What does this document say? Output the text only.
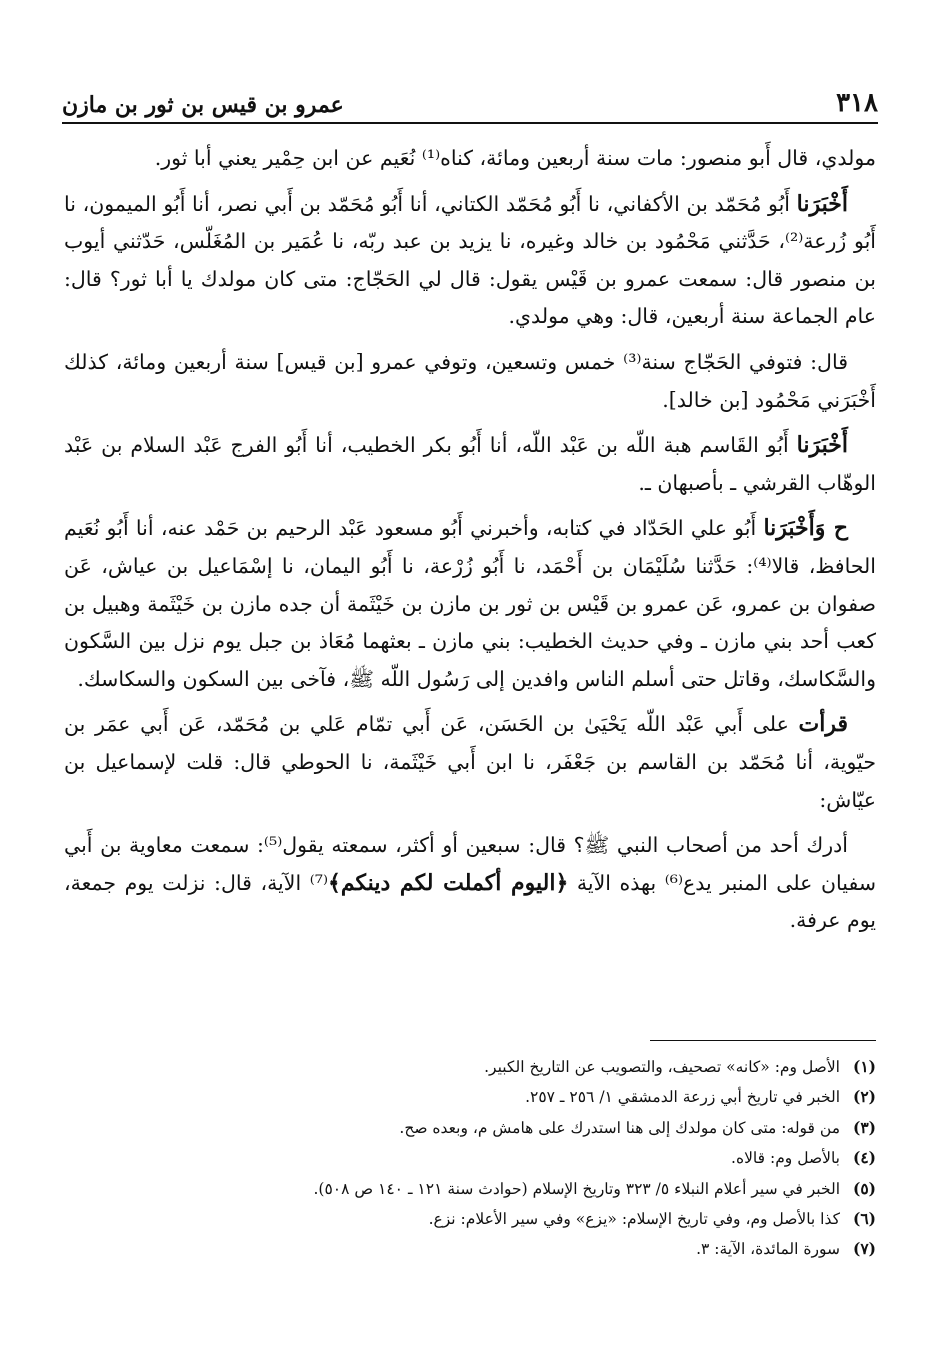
٣١٨
عمرو بن قيس بن ثور بن مازن

مولدي، قال أَبو منصور: مات سنة أربعين ومائة، كناه⁽¹⁾ نُعَيم عن ابن حِمْير يعني أبا ثور.

أَخْبَرَنا أَبُو مُحَمّد بن الأكفاني، نا أَبُو مُحَمّد الكتاني، أنا أَبُو مُحَمّد بن أَبي نصر، أنا أَبُو الميمون، نا أَبُو زُرعة⁽²⁾، حَدَّثني مَحْمُود بن خالد وغيره، نا يزيد بن عبد ربّه، نا عُمَير بن المُغَلّس، حَدّثني أيوب بن منصور قال: سمعت عمرو بن قَيْس يقول: قال لي الحَجّاج: متى كان مولدك يا أبا ثور؟ قال: عام الجماعة سنة أربعين، قال: وهي مولدي.

قال: فتوفي الحَجّاج سنة⁽³⁾ خمس وتسعين، وتوفي عمرو [بن قيس] سنة أربعين ومائة، كذلك أَخْبَرَني مَحْمُود [بن خالد].

أَخْبَرَنا أَبُو القَاسم هبة اللّه بن عَبْد اللّه، أنا أَبُو بكر الخطيب، أنا أَبُو الفرج عَبْد السلام بن عَبْد الوهّاب القرشي ـ بأصبهان ـ.

ح وَأَخْبَرَنا أَبُو علي الحَدّاد في كتابه، وأخبرني أَبُو مسعود عَبْد الرحيم بن حَمْد عنه، أنا أَبُو نُعَيم الحافظ، قالا⁽⁴⁾: حَدَّثنا سُلَيْمَان بن أَحْمَد، نا أَبُو زُرْعة، نا أَبُو اليمان، نا إسْمَاعيل بن عياش، عَن صفوان بن عمرو، عَن عمرو بن قَيْس بن ثور بن مازن بن خَيْثَمة أن جده مازن بن خَيْثَمة وهبيل بن كعب أحد بني مازن ـ وفي حديث الخطيب: بني مازن ـ بعثهما مُعَاذ بن جبل يوم نزل بين السَّكون والسَّكاسك، وقاتل حتى أسلم الناس وافدين إلى رَسُول اللّه ﷺ، فآخى بين السكون والسكاسك.

قرأت على أَبي عَبْد اللّه يَحْيَىٰ بن الحَسَن، عَن أَبي تمّام عَلي بن مُحَمّد، عَن أَبي عمَر بن حيّوية، أنا مُحَمّد بن القاسم بن جَعْفَر، نا ابن أَبي خَيْثَمة، نا الحوطي قال: قلت لإسماعيل بن عيّاش:

أدرك أحد من أصحاب النبي ﷺ؟ قال: سبعين أو أكثر، سمعته يقول⁽⁵⁾: سمعت معاوية بن أَبي سفيان على المنبر يدع⁽⁶⁾ بهذه الآية ﴿اليوم أكملت لكم دينكم﴾⁽⁷⁾ الآية، قال: نزلت يوم جمعة، يوم عرفة.

(١)
الأصل وم: «كانه» تصحيف، والتصويب عن التاريخ الكبير.
(٢)
الخبر في تاريخ أبي زرعة الدمشقي ١/ ٢٥٦ ـ ٢٥٧.
(٣)
من قوله: متى كان مولدك إلى هنا استدرك على هامش م، وبعده صح.
(٤)
بالأصل وم: قالاه.
(٥)
الخبر في سير أعلام النبلاء ٥/ ٣٢٣ وتاريخ الإسلام (حوادث سنة ١٢١ ـ ١٤٠ ص ٥٠٨).
(٦)
كذا بالأصل وم، وفي تاريخ الإسلام: «يزع» وفي سير الأعلام: نزع.
(٧)
سورة المائدة، الآية: ٣.
